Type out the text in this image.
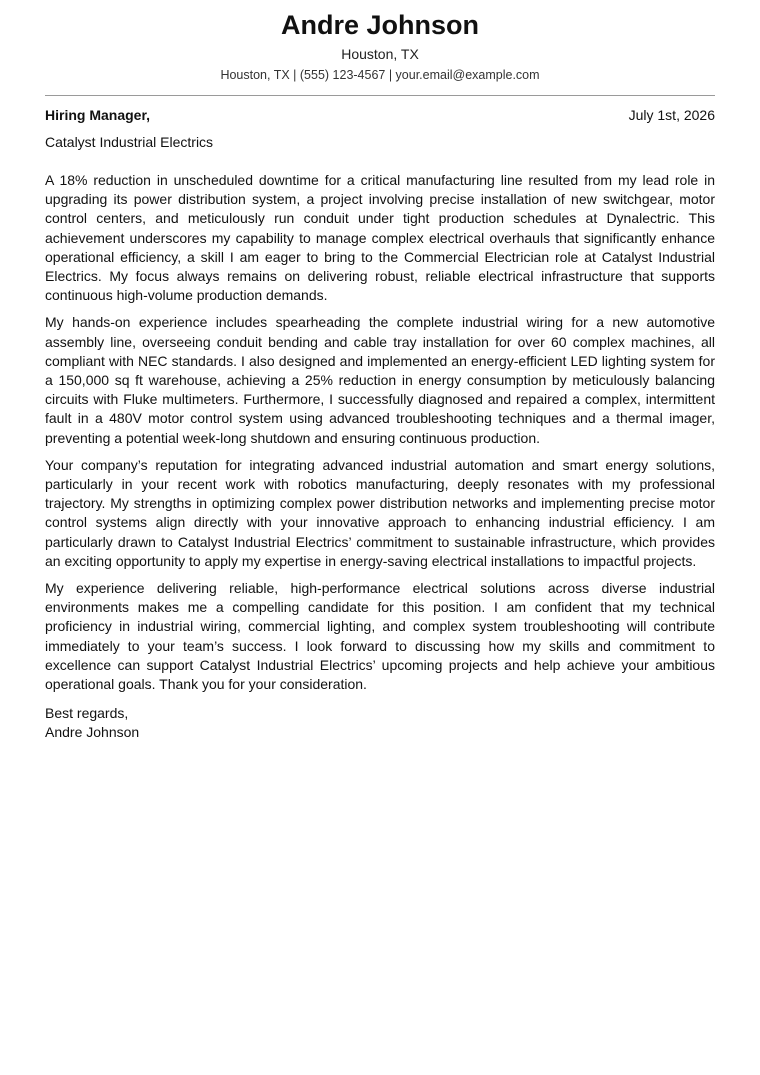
Andre Johnson
Houston, TX
Houston, TX | (555) 123-4567 | your.email@example.com
Hiring Manager,	July 1st, 2026
Catalyst Industrial Electrics

A 18% reduction in unscheduled downtime for a critical manufacturing line resulted from my lead role in upgrading its power distribution system, a project involving precise installation of new switchgear, motor control centers, and meticulously run conduit under tight production schedules at Dynalectric. This achievement underscores my capability to manage complex electrical overhauls that significantly enhance operational efficiency, a skill I am eager to bring to the Commercial Electrician role at Catalyst Industrial Electrics. My focus always remains on delivering robust, reliable electrical infrastructure that supports continuous high-volume production demands.

My hands-on experience includes spearheading the complete industrial wiring for a new automotive assembly line, overseeing conduit bending and cable tray installation for over 60 complex machines, all compliant with NEC standards. I also designed and implemented an energy-efficient LED lighting system for a 150,000 sq ft warehouse, achieving a 25% reduction in energy consumption by meticulously balancing circuits with Fluke multimeters. Furthermore, I successfully diagnosed and repaired a complex, intermittent fault in a 480V motor control system using advanced troubleshooting techniques and a thermal imager, preventing a potential week-long shutdown and ensuring continuous production.

Your company’s reputation for integrating advanced industrial automation and smart energy solutions, particularly in your recent work with robotics manufacturing, deeply resonates with my professional trajectory. My strengths in optimizing complex power distribution networks and implementing precise motor control systems align directly with your innovative approach to enhancing industrial efficiency. I am particularly drawn to Catalyst Industrial Electrics’ commitment to sustainable infrastructure, which provides an exciting opportunity to apply my expertise in energy-saving electrical installations to impactful projects.

My experience delivering reliable, high-performance electrical solutions across diverse industrial environments makes me a compelling candidate for this position. I am confident that my technical proficiency in industrial wiring, commercial lighting, and complex system troubleshooting will contribute immediately to your team’s success. I look forward to discussing how my skills and commitment to excellence can support Catalyst Industrial Electrics’ upcoming projects and help achieve your ambitious operational goals. Thank you for your consideration.

Best regards,
Andre Johnson
